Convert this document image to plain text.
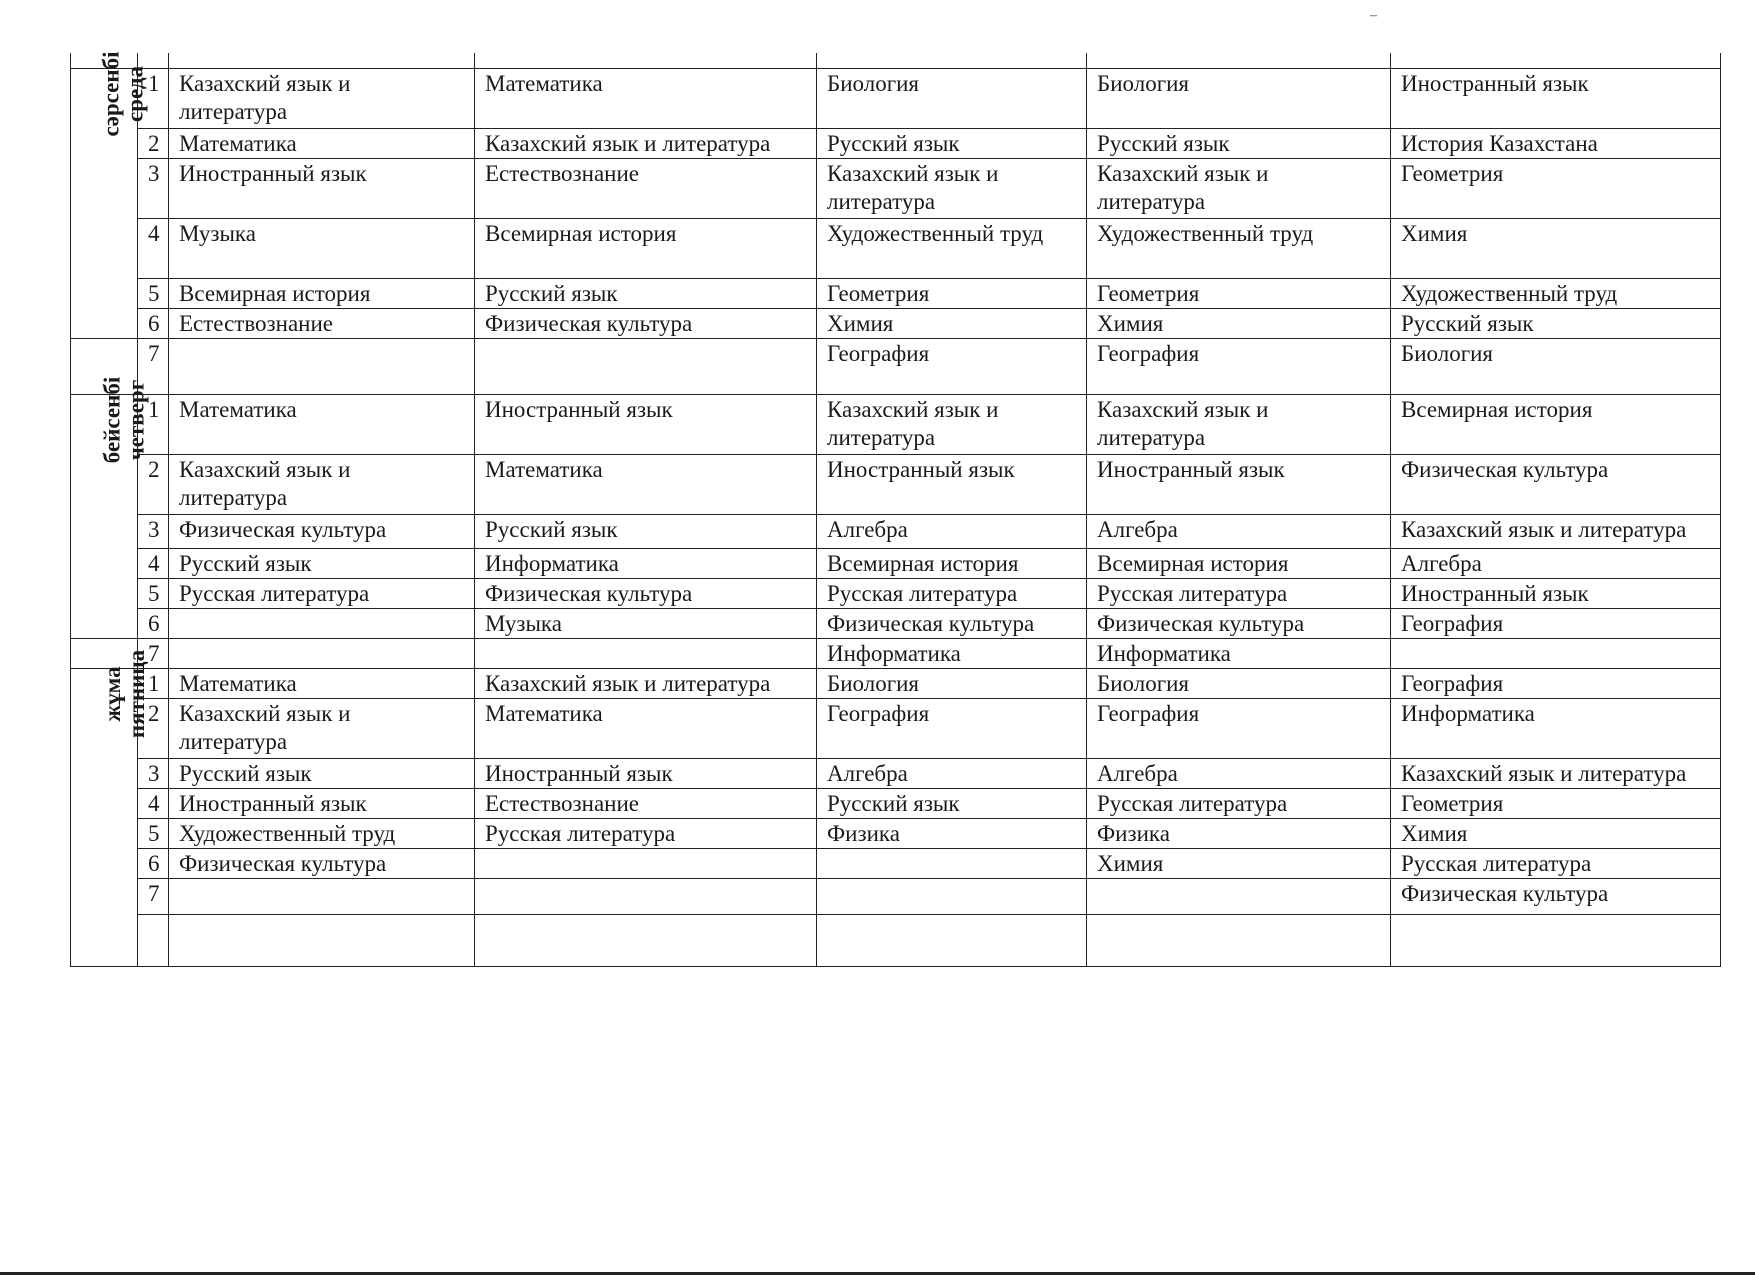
–

сәрсенбі среда	1	Казахский язык и литература	Математика	Биология	Биология	Иностранный язык
	2	Математика	Казахский язык и литература	Русский язык	Русский язык	История Казахстана
	3	Иностранный язык	Естествознание	Казахский язык и литература	Казахский язык и литература	Геометрия
	4	Музыка	Всемирная история	Художественный труд	Художественный труд	Химия
	5	Всемирная история	Русский язык	Геометрия	Геометрия	Художественный труд
	6	Естествознание	Физическая культура	Химия	Химия	Русский язык
	7			География	География	Биология

бейсенбі четверг	1	Математика	Иностранный язык	Казахский язык и литература	Казахский язык и литература	Всемирная история
	2	Казахский язык и литература	Математика	Иностранный язык	Иностранный язык	Физическая культура
	3	Физическая культура	Русский язык	Алгебра	Алгебра	Казахский язык и литература
	4	Русский язык	Информатика	Всемирная история	Всемирная история	Алгебра
	5	Русская литература	Физическая культура	Русская литература	Русская литература	Иностранный язык
	6		Музыка	Физическая культура	Физическая культура	География
	7			Информатика	Информатика	

жұма пятница	1	Математика	Казахский язык и литература	Биология	Биология	География
	2	Казахский язык и литература	Математика	География	География	Информатика
	3	Русский язык	Иностранный язык	Алгебра	Алгебра	Казахский язык и литература
	4	Иностранный язык	Естествознание	Русский язык	Русская литература	Геометрия
	5	Художественный труд	Русская литература	Физика	Физика	Химия
	6	Физическая культура			Химия	Русская литература
	7					Физическая культура
